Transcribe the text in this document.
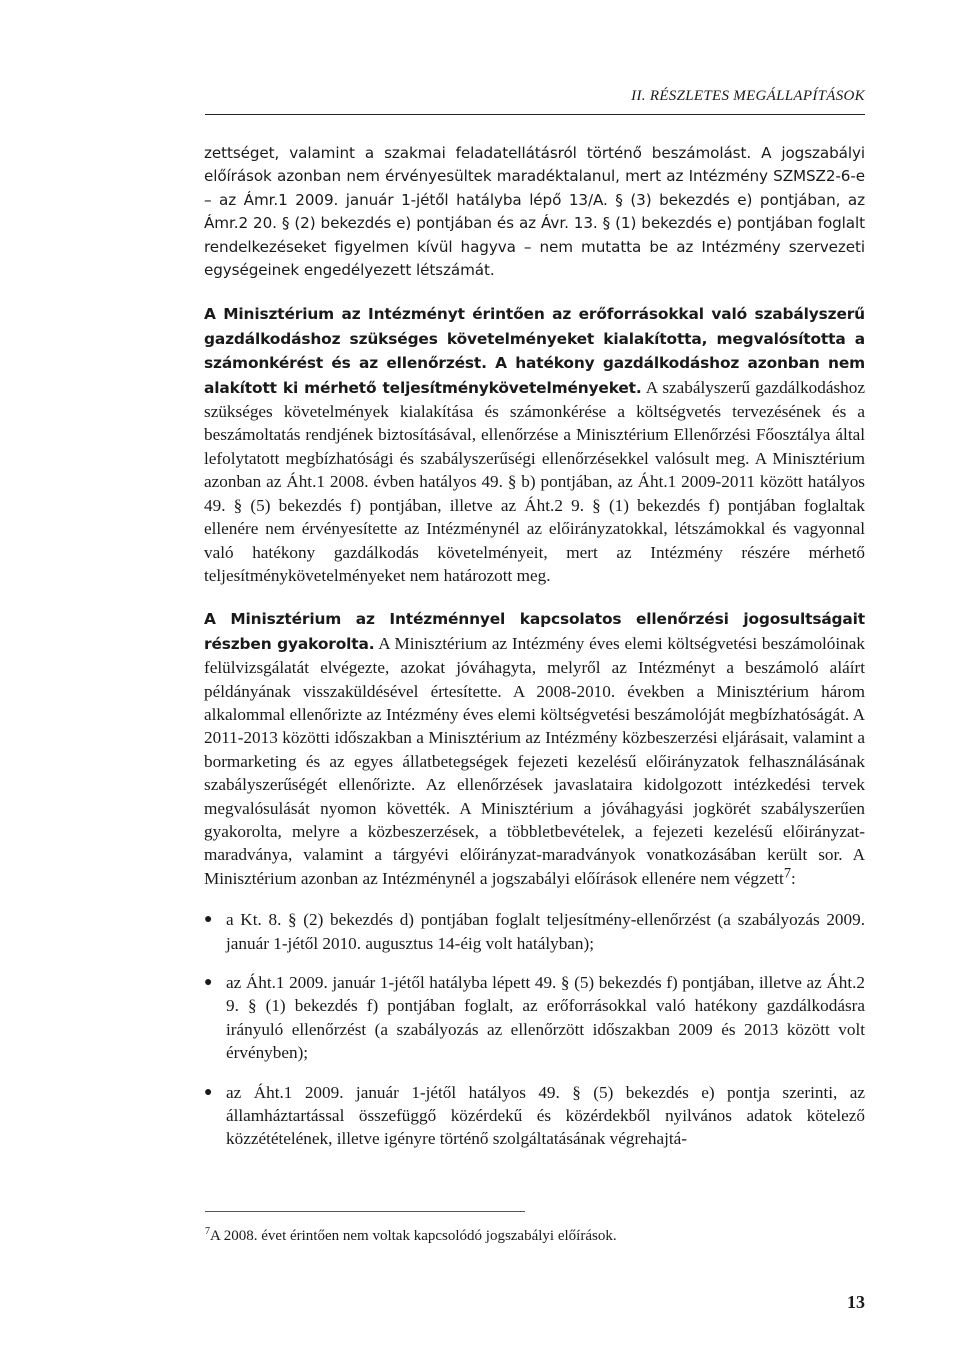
II. RÉSZLETES MEGÁLLAPÍTÁSOK

zettséget, valamint a szakmai feladatellátásról történő beszámolást. A jogszabályi előírások azonban nem érvényesültek maradéktalanul, mert az Intézmény SZMSZ2-6-e – az Ámr.1 2009. január 1-jétől hatályba lépő 13/A. § (3) bekezdés e) pontjában, az Ámr.2 20. § (2) bekezdés e) pontjában és az Ávr. 13. § (1) bekezdés e) pontjában foglalt rendelkezéseket figyelmen kívül hagyva – nem mutatta be az Intézmény szervezeti egységeinek engedélyezett létszámát.

A Minisztérium az Intézményt érintően az erőforrásokkal való szabályszerű gazdálkodáshoz szükséges követelményeket kialakította, megvalósította a számonkérést és az ellenőrzést. A hatékony gazdálkodáshoz azonban nem alakított ki mérhető teljesítménykövetelményeket. A szabályszerű gazdálkodáshoz szükséges követelmények kialakítása és számonkérése a költségvetés tervezésének és a beszámoltatás rendjének biztosításával, ellenőrzése a Minisztérium Ellenőrzési Főosztálya által lefolytatott megbízhatósági és szabályszerűségi ellenőrzésekkel valósult meg. A Minisztérium azonban az Áht.1 2008. évben hatályos 49. § b) pontjában, az Áht.1 2009-2011 között hatályos 49. § (5) bekezdés f) pontjában, illetve az Áht.2 9. § (1) bekezdés f) pontjában foglaltak ellenére nem érvényesítette az Intézménynél az előirányzatokkal, létszámokkal és vagyonnal való hatékony gazdálkodás követelményeit, mert az Intézmény részére mérhető teljesítménykövetelményeket nem határozott meg.

A Minisztérium az Intézménnyel kapcsolatos ellenőrzési jogosultságait részben gyakorolta. A Minisztérium az Intézmény éves elemi költségvetési beszámolóinak felülvizsgálatát elvégezte, azokat jóváhagyta, melyről az Intézményt a beszámoló aláírt példányának visszaküldésével értesítette. A 2008-2010. években a Minisztérium három alkalommal ellenőrizte az Intézmény éves elemi költségvetési beszámolóját megbízhatóságát. A 2011-2013 közötti időszakban a Minisztérium az Intézmény közbeszerzési eljárásait, valamint a bormarketing és az egyes állatbetegségek fejezeti kezelésű előirányzatok felhasználásának szabályszerűségét ellenőrizte. Az ellenőrzések javaslataira kidolgozott intézkedési tervek megvalósulását nyomon követték. A Minisztérium a jóváhagyási jogkörét szabályszerűen gyakorolta, melyre a közbeszerzések, a többletbevételek, a fejezeti kezelésű előirányzat-maradványa, valamint a tárgyévi előirányzat-maradványok vonatkozásában került sor. A Minisztérium azonban az Intézménynél a jogszabályi előírások ellenére nem végzett$^7$:

● a Kt. 8. § (2) bekezdés d) pontjában foglalt teljesítmény-ellenőrzést (a szabályozás 2009. január 1-jétől 2010. augusztus 14-éig volt hatályban);
● az Áht.1 2009. január 1-jétől hatályba lépett 49. § (5) bekezdés f) pontjában, illetve az Áht.2 9. § (1) bekezdés f) pontjában foglalt, az erőforrásokkal való hatékony gazdálkodásra irányuló ellenőrzést (a szabályozás az ellenőrzött időszakban 2009 és 2013 között volt érvényben);
● az Áht.1 2009. január 1-jétől hatályos 49. § (5) bekezdés e) pontja szerinti, az államháztartással összefüggő közérdekű és közérdekből nyilvános adatok kötelező közzétételének, illetve igényre történő szolgáltatásának végrehajtá-
$^7$A 2008. évet érintően nem voltak kapcsolódó jogszabályi előírások.
13
